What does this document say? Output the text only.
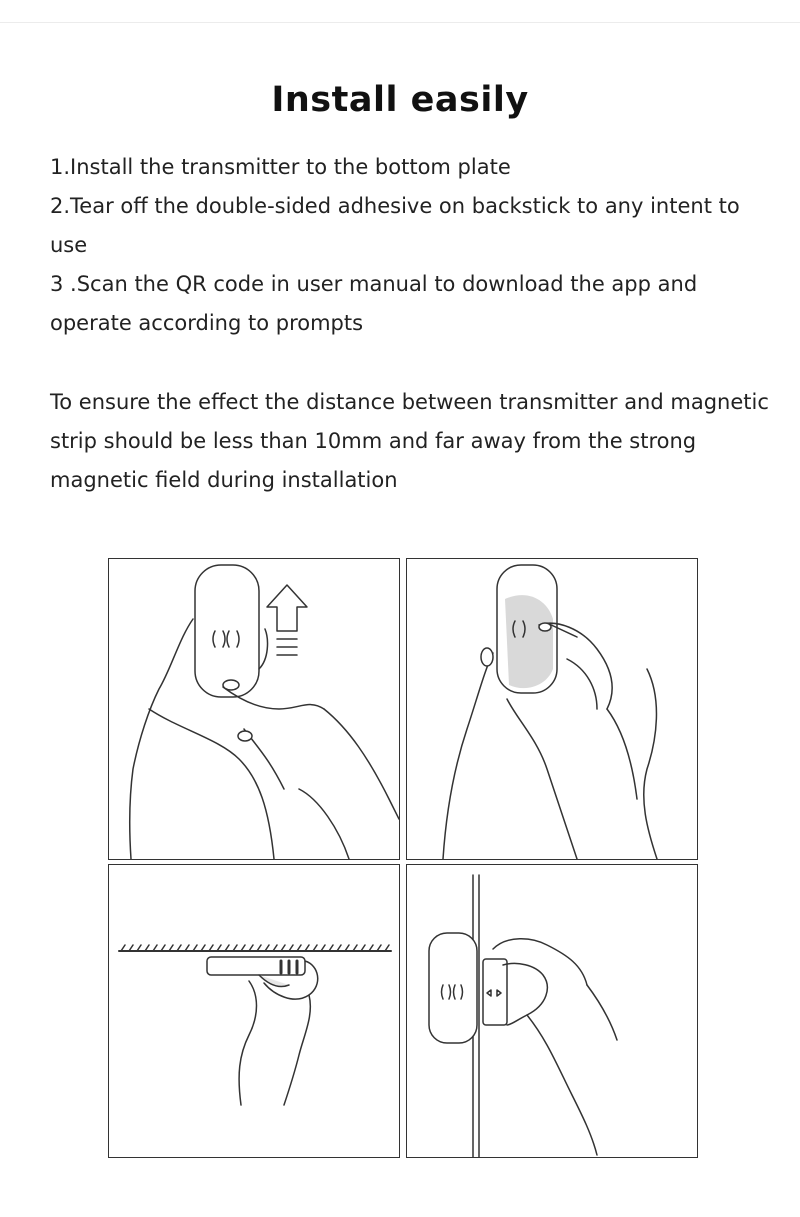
Install easily

1.Install the transmitter to the bottom plate

2.Tear off the double-sided adhesive on backstick to any intent to use

3 .Scan the QR code in user manual to download the app and operate according to prompts

To ensure the effect the distance between transmitter and magnetic strip should be less than 10mm and far away from the strong magnetic field during installation
